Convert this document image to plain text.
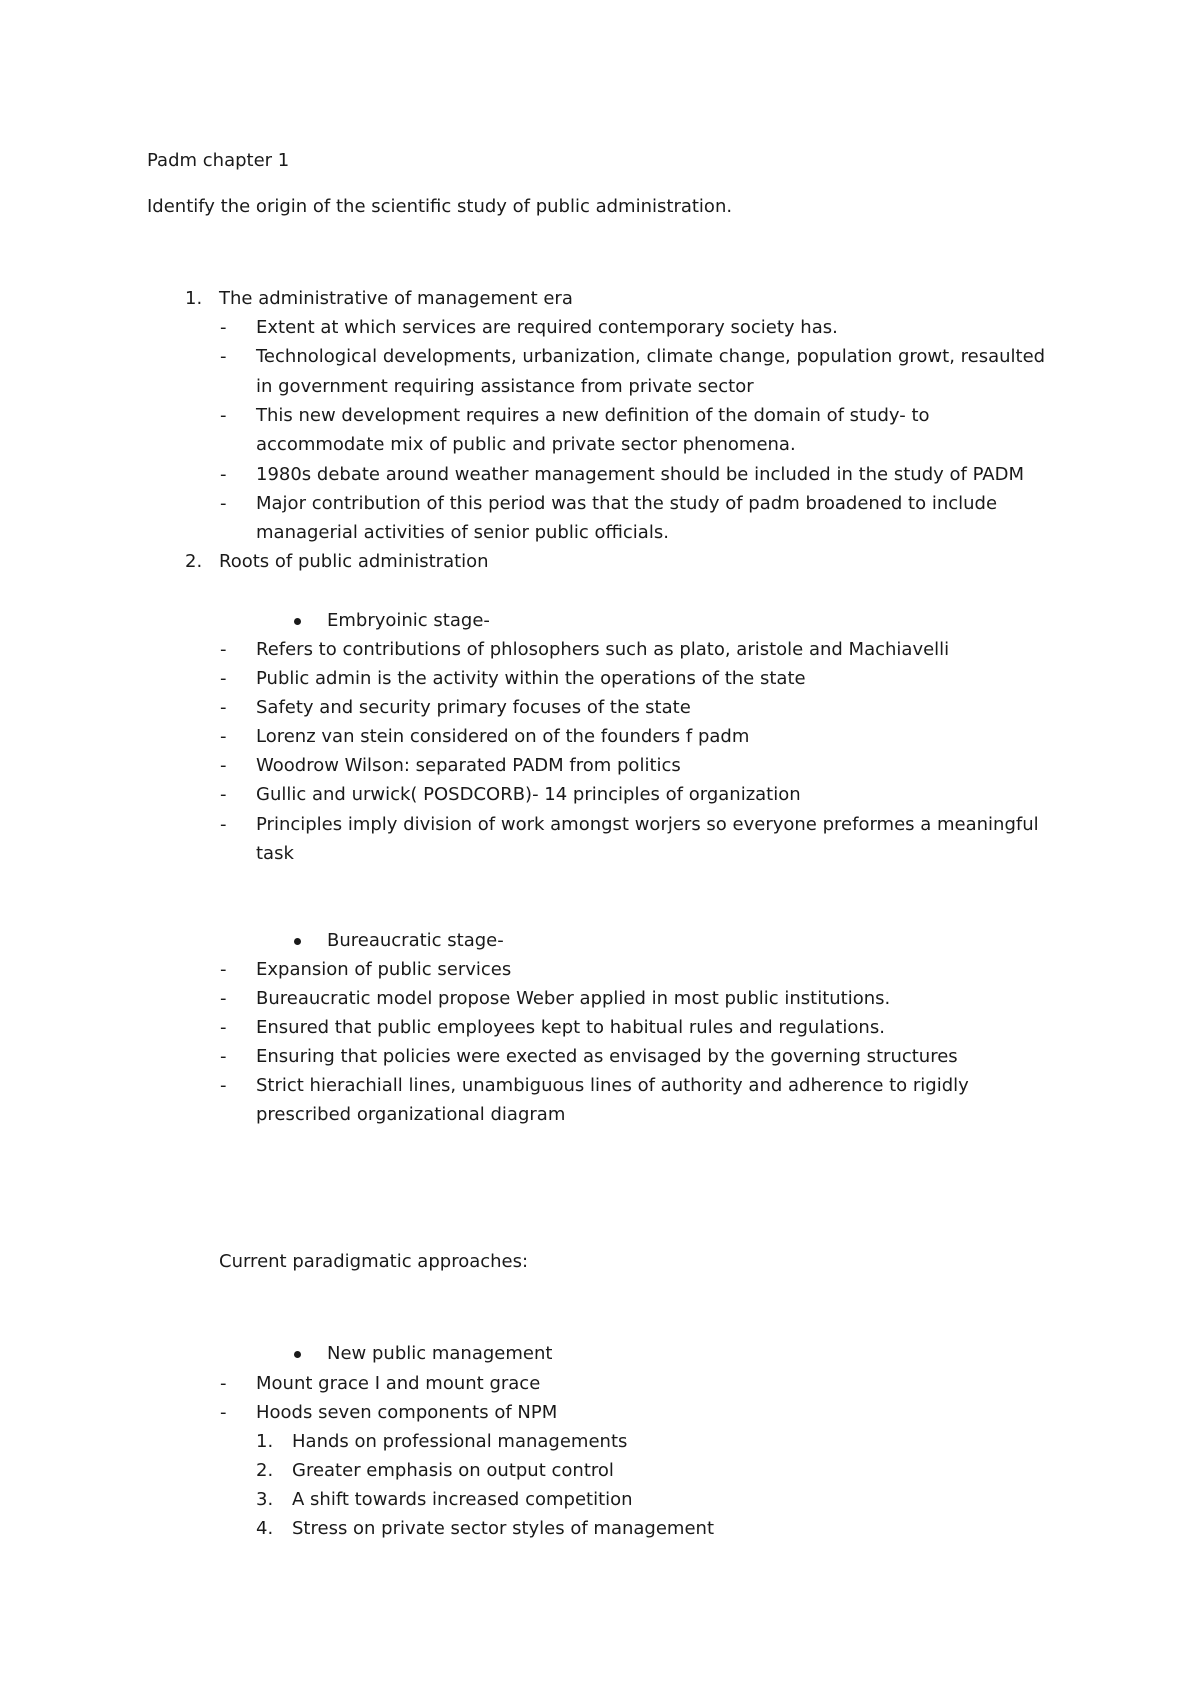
Padm chapter 1
Identify the origin of the scientific study of public administration.
1. The administrative of management era
- Extent at which services are required contemporary society has.
- Technological developments, urbanization, climate change, population growt, resaulted
in government requiring assistance from private sector
- This new development requires a new definition of the domain of study- to
accommodate mix of public and private sector phenomena.
- 1980s debate around weather management should be included in the study of PADM
- Major contribution of this period was that the study of padm broadened to include
managerial activities of senior public officials.
2. Roots of public administration
Embryoinic stage-
- Refers to contributions of phlosophers such as plato, aristole and Machiavelli
- Public admin is the activity within the operations of the state
- Safety and security primary focuses of the state
- Lorenz van stein considered on of the founders f padm
- Woodrow Wilson: separated PADM from politics
- Gullic and urwick( POSDCORB)- 14 principles of organization
- Principles imply division of work amongst worjers so everyone preformes a meaningful
task
Bureaucratic stage-
- Expansion of public services
- Bureaucratic model propose Weber applied in most public institutions.
- Ensured that public employees kept to habitual rules and regulations.
- Ensuring that policies were exected as envisaged by the governing structures
- Strict hierachiall lines, unambiguous lines of authority and adherence to rigidly
prescribed organizational diagram
Current paradigmatic approaches:
New public management
- Mount grace I and mount grace
- Hoods seven components of NPM
1. Hands on professional managements
2. Greater emphasis on output control
3. A shift towards increased competition
4. Stress on private sector styles of management
